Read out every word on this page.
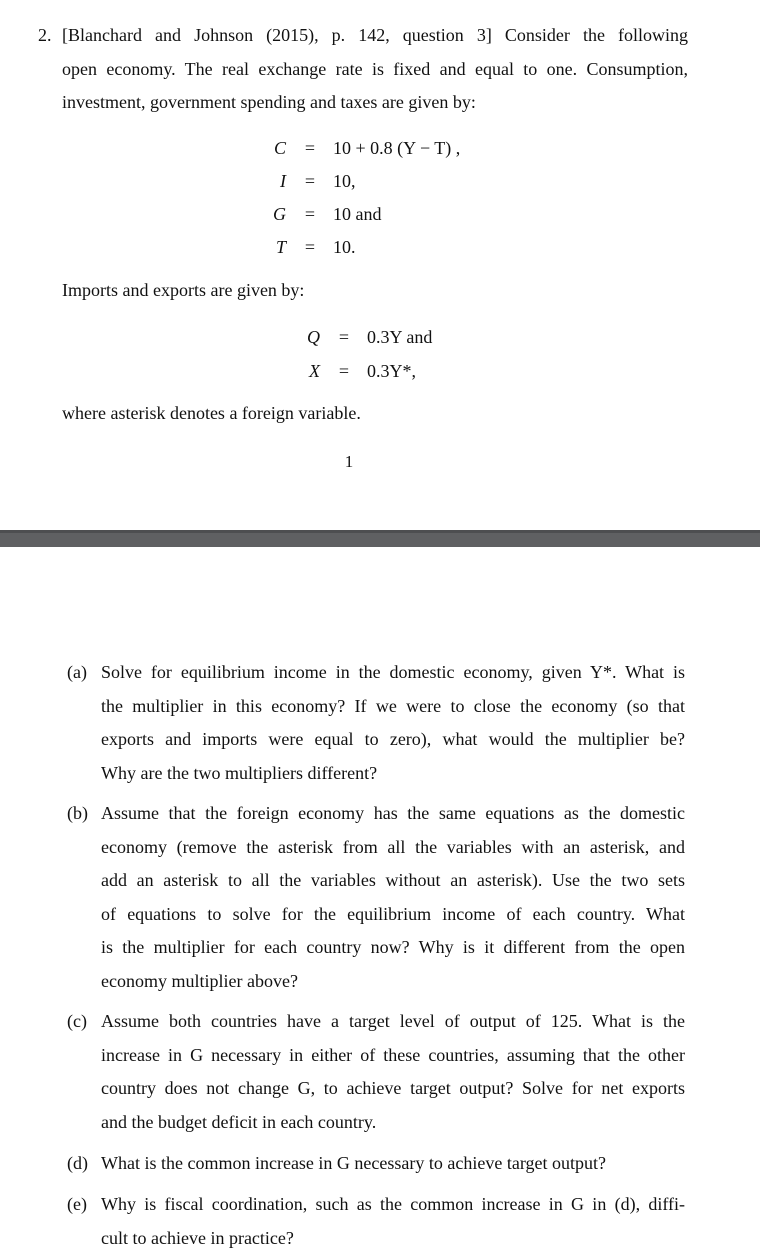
2. [Blanchard and Johnson (2015), p. 142, question 3] Consider the following
open economy. The real exchange rate is fixed and equal to one. Consumption,
investment, government spending and taxes are given by:
C = 10 + 0.8 (Y − T) ,
I = 10,
G = 10 and
T = 10.
Imports and exports are given by:
Q = 0.3Y and
X = 0.3Y*,
where asterisk denotes a foreign variable.
1
(a) Solve for equilibrium income in the domestic economy, given Y*. What is
the multiplier in this economy? If we were to close the economy (so that
exports and imports were equal to zero), what would the multiplier be?
Why are the two multipliers different?
(b) Assume that the foreign economy has the same equations as the domestic
economy (remove the asterisk from all the variables with an asterisk, and
add an asterisk to all the variables without an asterisk). Use the two sets
of equations to solve for the equilibrium income of each country. What
is the multiplier for each country now? Why is it different from the open
economy multiplier above?
(c) Assume both countries have a target level of output of 125. What is the
increase in G necessary in either of these countries, assuming that the other
country does not change G, to achieve target output? Solve for net exports
and the budget deficit in each country.
(d) What is the common increase in G necessary to achieve target output?
(e) Why is fiscal coordination, such as the common increase in G in (d), diffi-
cult to achieve in practice?
